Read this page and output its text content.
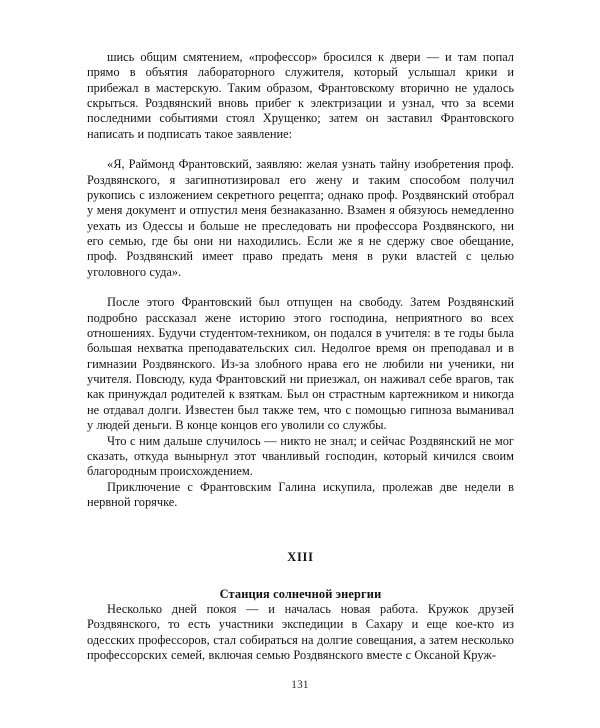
шись общим смятением, «профессор» бросился к двери — и там попал прямо в объятия лабораторного служителя, который услышал крики и прибежал в мастерскую. Таким образом, Франтовскому вторично не удалось скрыться. Роздвянский вновь прибег к электризации и узнал, что за всеми последними событиями стоял Хрущенко; затем он заставил Франтовского написать и подписать такое заявление:

«Я, Раймонд Франтовский, заявляю: желая узнать тайну изобретения проф. Роздвянского, я загипнотизировал его жену и таким способом получил рукопись с изложением секретного рецепта; однако проф. Роздвянский отобрал у меня документ и отпустил меня безнаказанно. Взамен я обязуюсь немедленно уехать из Одессы и больше не преследовать ни профессора Роздвянского, ни его семью, где бы они ни находились. Если же я не сдержу свое обещание, проф. Роздвянский имеет право предать меня в руки властей с целью уголовного суда».

После этого Франтовский был отпущен на свободу. Затем Роздвянский подробно рассказал жене историю этого господина, неприятного во всех отношениях. Будучи студентом-техником, он подался в учителя: в те годы была большая нехватка преподавательских сил. Недолгое время он преподавал и в гимназии Роздвянского. Из-за злобного нрава его не любили ни ученики, ни учителя. Повсюду, куда Франтовский ни приезжал, он наживал себе врагов, так как принуждал родителей к взяткам. Был он страстным картежником и никогда не отдавал долги. Известен был также тем, что с помощью гипноза выманивал у людей деньги. В конце концов его уволили со службы.

Что с ним дальше случилось — никто не знал; и сейчас Роздвянский не мог сказать, откуда вынырнул этот чванливый господин, который кичился своим благородным происхождением.

Приключение с Франтовским Галина искупила, пролежав две недели в нервной горячке.

XIII
Станция солнечной энергии

Несколько дней покоя — и началась новая работа. Кружок друзей Роздвянского, то есть участники экспедиции в Сахару и еще кое-кто из одесских профессоров, стал собираться на долгие совещания, а затем несколько профессорских семей, включая семью Роздвянского вместе с Оксаной Круж-

131
